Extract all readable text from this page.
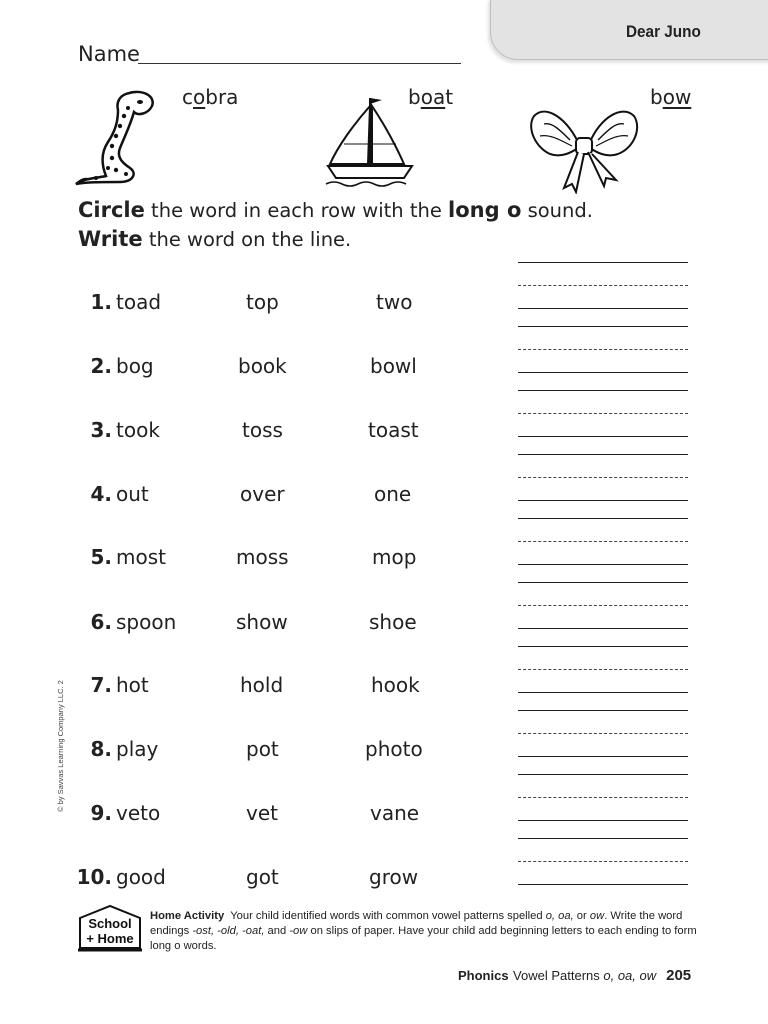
Dear Juno
Name
cobra	boat	bow
Circle the word in each row with the long o sound.
Write the word on the line.
1. toad	top	two
2. bog	book	bowl
3. took	toss	toast
4. out	over	one
5. most	moss	mop
6. spoon	show	shoe
7. hot	hold	hook
8. play	pot	photo
9. veto	vet	vane
10. good	got	grow
© by Savvas Learning Company LLC. 2
School
+ Home
Home Activity Your child identified words with common vowel patterns spelled o, oa, or ow. Write the word endings -ost, -old, -oat, and -ow on slips of paper. Have your child add beginning letters to each ending to form long o words.
Phonics Vowel Patterns o, oa, ow 205
